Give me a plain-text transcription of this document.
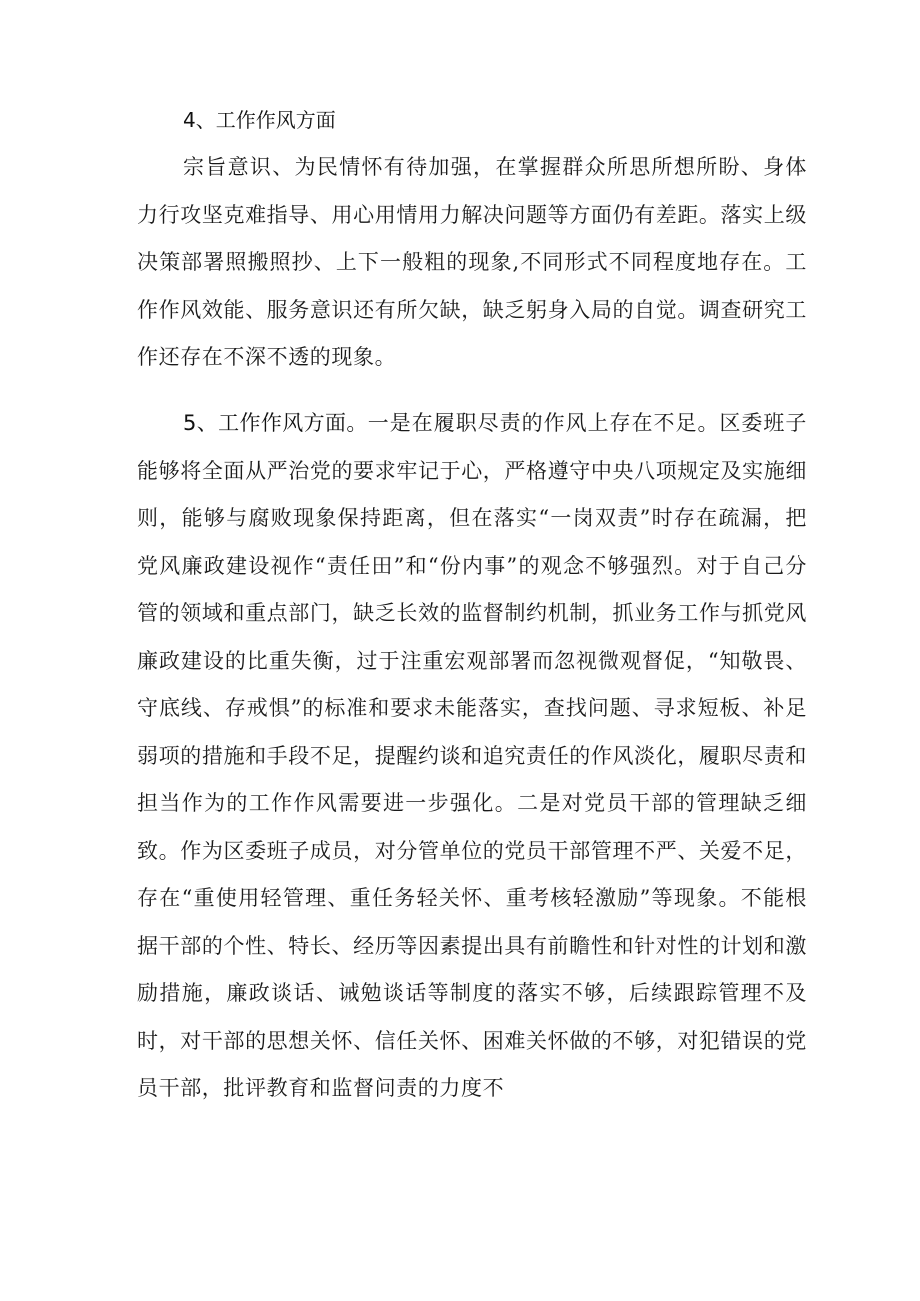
4、工作作风方面

宗旨意识、为民情怀有待加强，在掌握群众所思所想所盼、身体力行攻坚克难指导、用心用情用力解决问题等方面仍有差距。落实上级决策部署照搬照抄、上下一般粗的现象,不同形式不同程度地存在。工作作风效能、服务意识还有所欠缺，缺乏躬身入局的自觉。调查研究工作还存在不深不透的现象。

5、工作作风方面。一是在履职尽责的作风上存在不足。区委班子能够将全面从严治党的要求牢记于心，严格遵守中央八项规定及实施细则，能够与腐败现象保持距离，但在落实“一岗双责”时存在疏漏，把党风廉政建设视作“责任田”和“份内事”的观念不够强烈。对于自己分管的领域和重点部门，缺乏长效的监督制约机制，抓业务工作与抓党风廉政建设的比重失衡，过于注重宏观部署而忽视微观督促，“知敬畏、守底线、存戒惧”的标准和要求未能落实，查找问题、寻求短板、补足弱项的措施和手段不足，提醒约谈和追究责任的作风淡化，履职尽责和担当作为的工作作风需要进一步强化。二是对党员干部的管理缺乏细致。作为区委班子成员，对分管单位的党员干部管理不严、关爱不足，存在“重使用轻管理、重任务轻关怀、重考核轻激励”等现象。不能根据干部的个性、特长、经历等因素提出具有前瞻性和针对性的计划和激励措施，廉政谈话、诫勉谈话等制度的落实不够，后续跟踪管理不及时，对干部的思想关怀、信任关怀、困难关怀做的不够，对犯错误的党员干部，批评教育和监督问责的力度不
